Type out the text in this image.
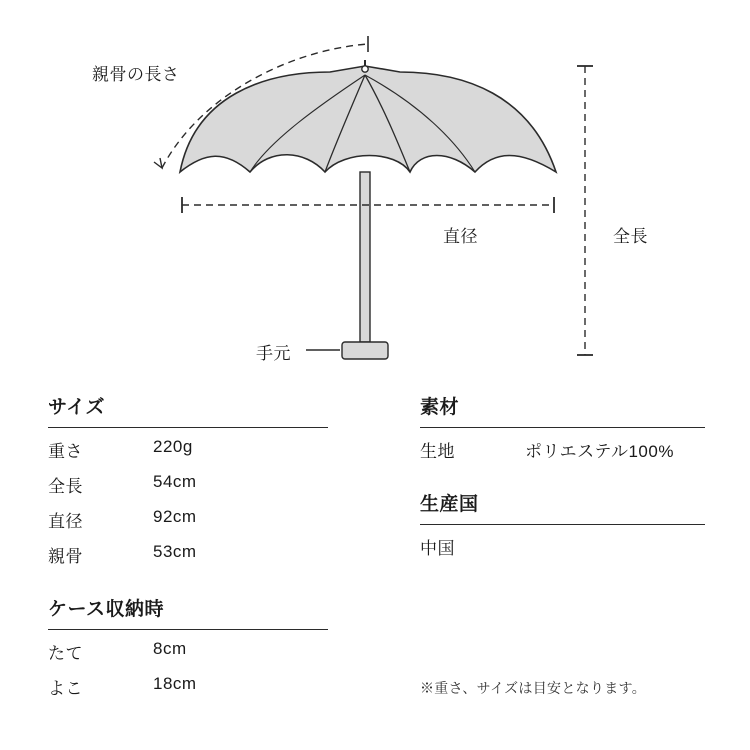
親骨の長さ
直径	全長
手元
サイズ
重さ	220g
全長	54cm
直径	92cm
親骨	53cm
ケース収納時
たて	8cm
よこ	18cm
素材
生地	ポリエステル100%
生産国
中国	
※重さ、サイズは目安となります。
